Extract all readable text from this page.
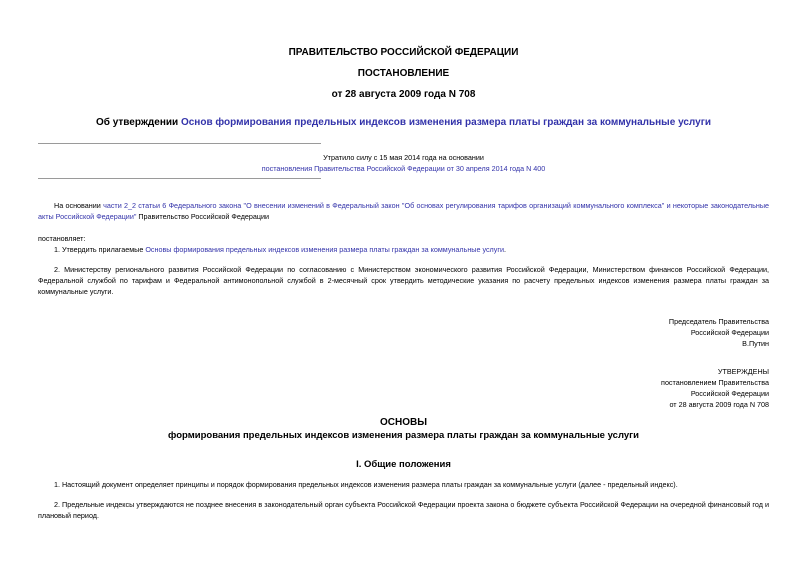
ПРАВИТЕЛЬСТВО РОССИЙСКОЙ ФЕДЕРАЦИИ
ПОСТАНОВЛЕНИЕ
от 28 августа 2009 года N 708
Об утверждении Основ формирования предельных индексов изменения размера платы граждан за коммунальные услуги
Утратило силу с 15 мая 2014 года на основании
постановления Правительства Российской Федерации от 30 апреля 2014 года N 400
На основании части 2_2 статьи 6 Федерального закона "О внесении изменений в Федеральный закон "Об основах регулирования тарифов организаций коммунального комплекса" и некоторые законодательные акты Российской Федерации" Правительство Российской Федерации
постановляет:
1. Утвердить прилагаемые Основы формирования предельных индексов изменения размера платы граждан за коммунальные услуги.
2. Министерству регионального развития Российской Федерации по согласованию с Министерством экономического развития Российской Федерации, Министерством финансов Российской Федерации, Федеральной службой по тарифам и Федеральной антимонопольной службой в 2-месячный срок утвердить методические указания по расчету предельных индексов изменения размера платы граждан за коммунальные услуги.
Председатель Правительства
Российской Федерации
В.Путин
УТВЕРЖДЕНЫ
постановлением Правительства
Российской Федерации
от 28 августа 2009 года N 708
ОСНОВЫ
формирования предельных индексов изменения размера платы граждан за коммунальные услуги
I. Общие положения
1. Настоящий документ определяет принципы и порядок формирования предельных индексов изменения размера платы граждан за коммунальные услуги (далее - предельный индекс).
2. Предельные индексы утверждаются не позднее внесения в законодательный орган субъекта Российской Федерации проекта закона о бюджете субъекта Российской Федерации на очередной финансовый год и плановый период.
